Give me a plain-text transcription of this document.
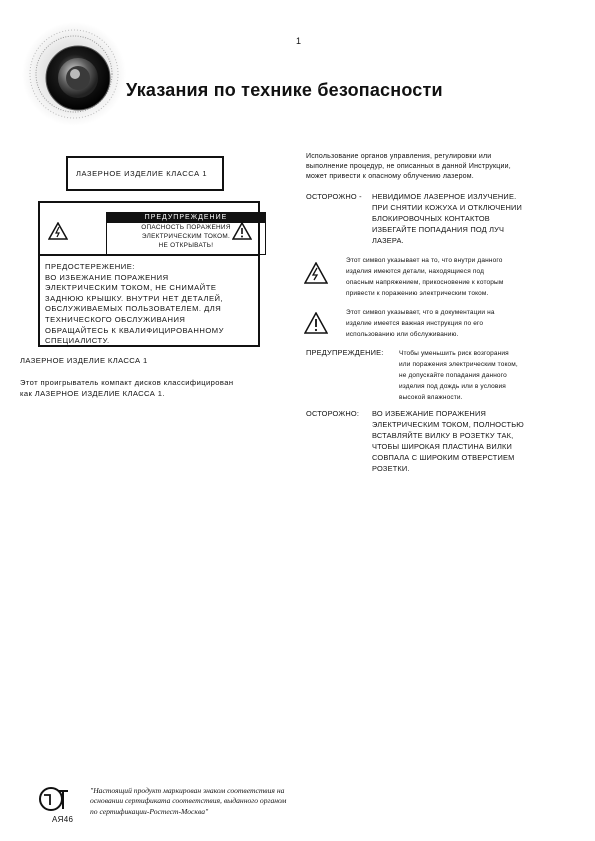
1
Указания по технике безопасности
ЛАЗЕРНОЕ ИЗДЕЛИЕ КЛАССА 1
ПРЕДУПРЕЖДЕНИЕ
ОПАСНОСТЬ ПОРАЖЕНИЯ
ЭЛЕКТРИЧЕСКИМ ТОКОМ.
НЕ ОТКРЫВАТЬ!
ПРЕДОСТЕРЕЖЕНИЕ:
ВО ИЗБЕЖАНИЕ ПОРАЖЕНИЯ
ЭЛЕКТРИЧЕСКИМ ТОКОМ, НЕ СНИМАЙТЕ
ЗАДНЮЮ КРЫШКУ. ВНУТРИ НЕТ ДЕТАЛЕЙ,
ОБСЛУЖИВАЕМЫХ ПОЛЬЗОВАТЕЛЕМ. ДЛЯ
ТЕХНИЧЕСКОГО ОБСЛУЖИВАНИЯ
ОБРАЩАЙТЕСЬ К КВАЛИФИЦИРОВАННОМУ
СПЕЦИАЛИСТУ.
ЛАЗЕРНОЕ ИЗДЕЛИЕ КЛАССА 1
Этот проигрыватель компакт дисков классифицирован
как ЛАЗЕРНОЕ ИЗДЕЛИЕ КЛАССА 1.
Использование органов управления, регулировки или
выполнение процедур, не описанных в данной Инструкции,
может привести к опасному облучению лазером.
ОСТОРОЖНО - НЕВИДИМОЕ ЛАЗЕРНОЕ ИЗЛУЧЕНИЕ.
ПРИ СНЯТИИ КОЖУХА И ОТКЛЮЧЕНИИ
БЛОКИРОВОЧНЫХ КОНТАКТОВ
ИЗБЕГАЙТЕ ПОПАДАНИЯ ПОД ЛУЧ
ЛАЗЕРА.
Этот символ указывает на то, что внутри данного
изделия имеются детали, находящиеся под
опасным напряжением, прикосновение к которым
привести к поражению электрическим током.
Этот символ указывает, что в документации на
изделие имеется важная инструкция по его
использованию или обслуживанию.
ПРЕДУПРЕЖДЕНИЕ: Чтобы уменьшить риск возгорания
или поражения электрическим током,
не допускайте попадания данного
изделия под дождь или в условия
высокой влажности.
ОСТОРОЖНО: ВО ИЗБЕЖАНИЕ ПОРАЖЕНИЯ
ЭЛЕКТРИЧЕСКИМ ТОКОМ, ПОЛНОСТЬЮ
ВСТАВЛЯЙТЕ ВИЛКУ В РОЗЕТКУ ТАК,
ЧТОБЫ ШИРОКАЯ ПЛАСТИНА ВИЛКИ
СОВПАЛА С ШИРОКИМ ОТВЕРСТИЕМ
РОЗЕТКИ.
АЯ46
"Настоящий продукт маркирован знаком соответствия на
основании сертификата соответствия, выданного органом
по сертификации-Ростест-Москва"
